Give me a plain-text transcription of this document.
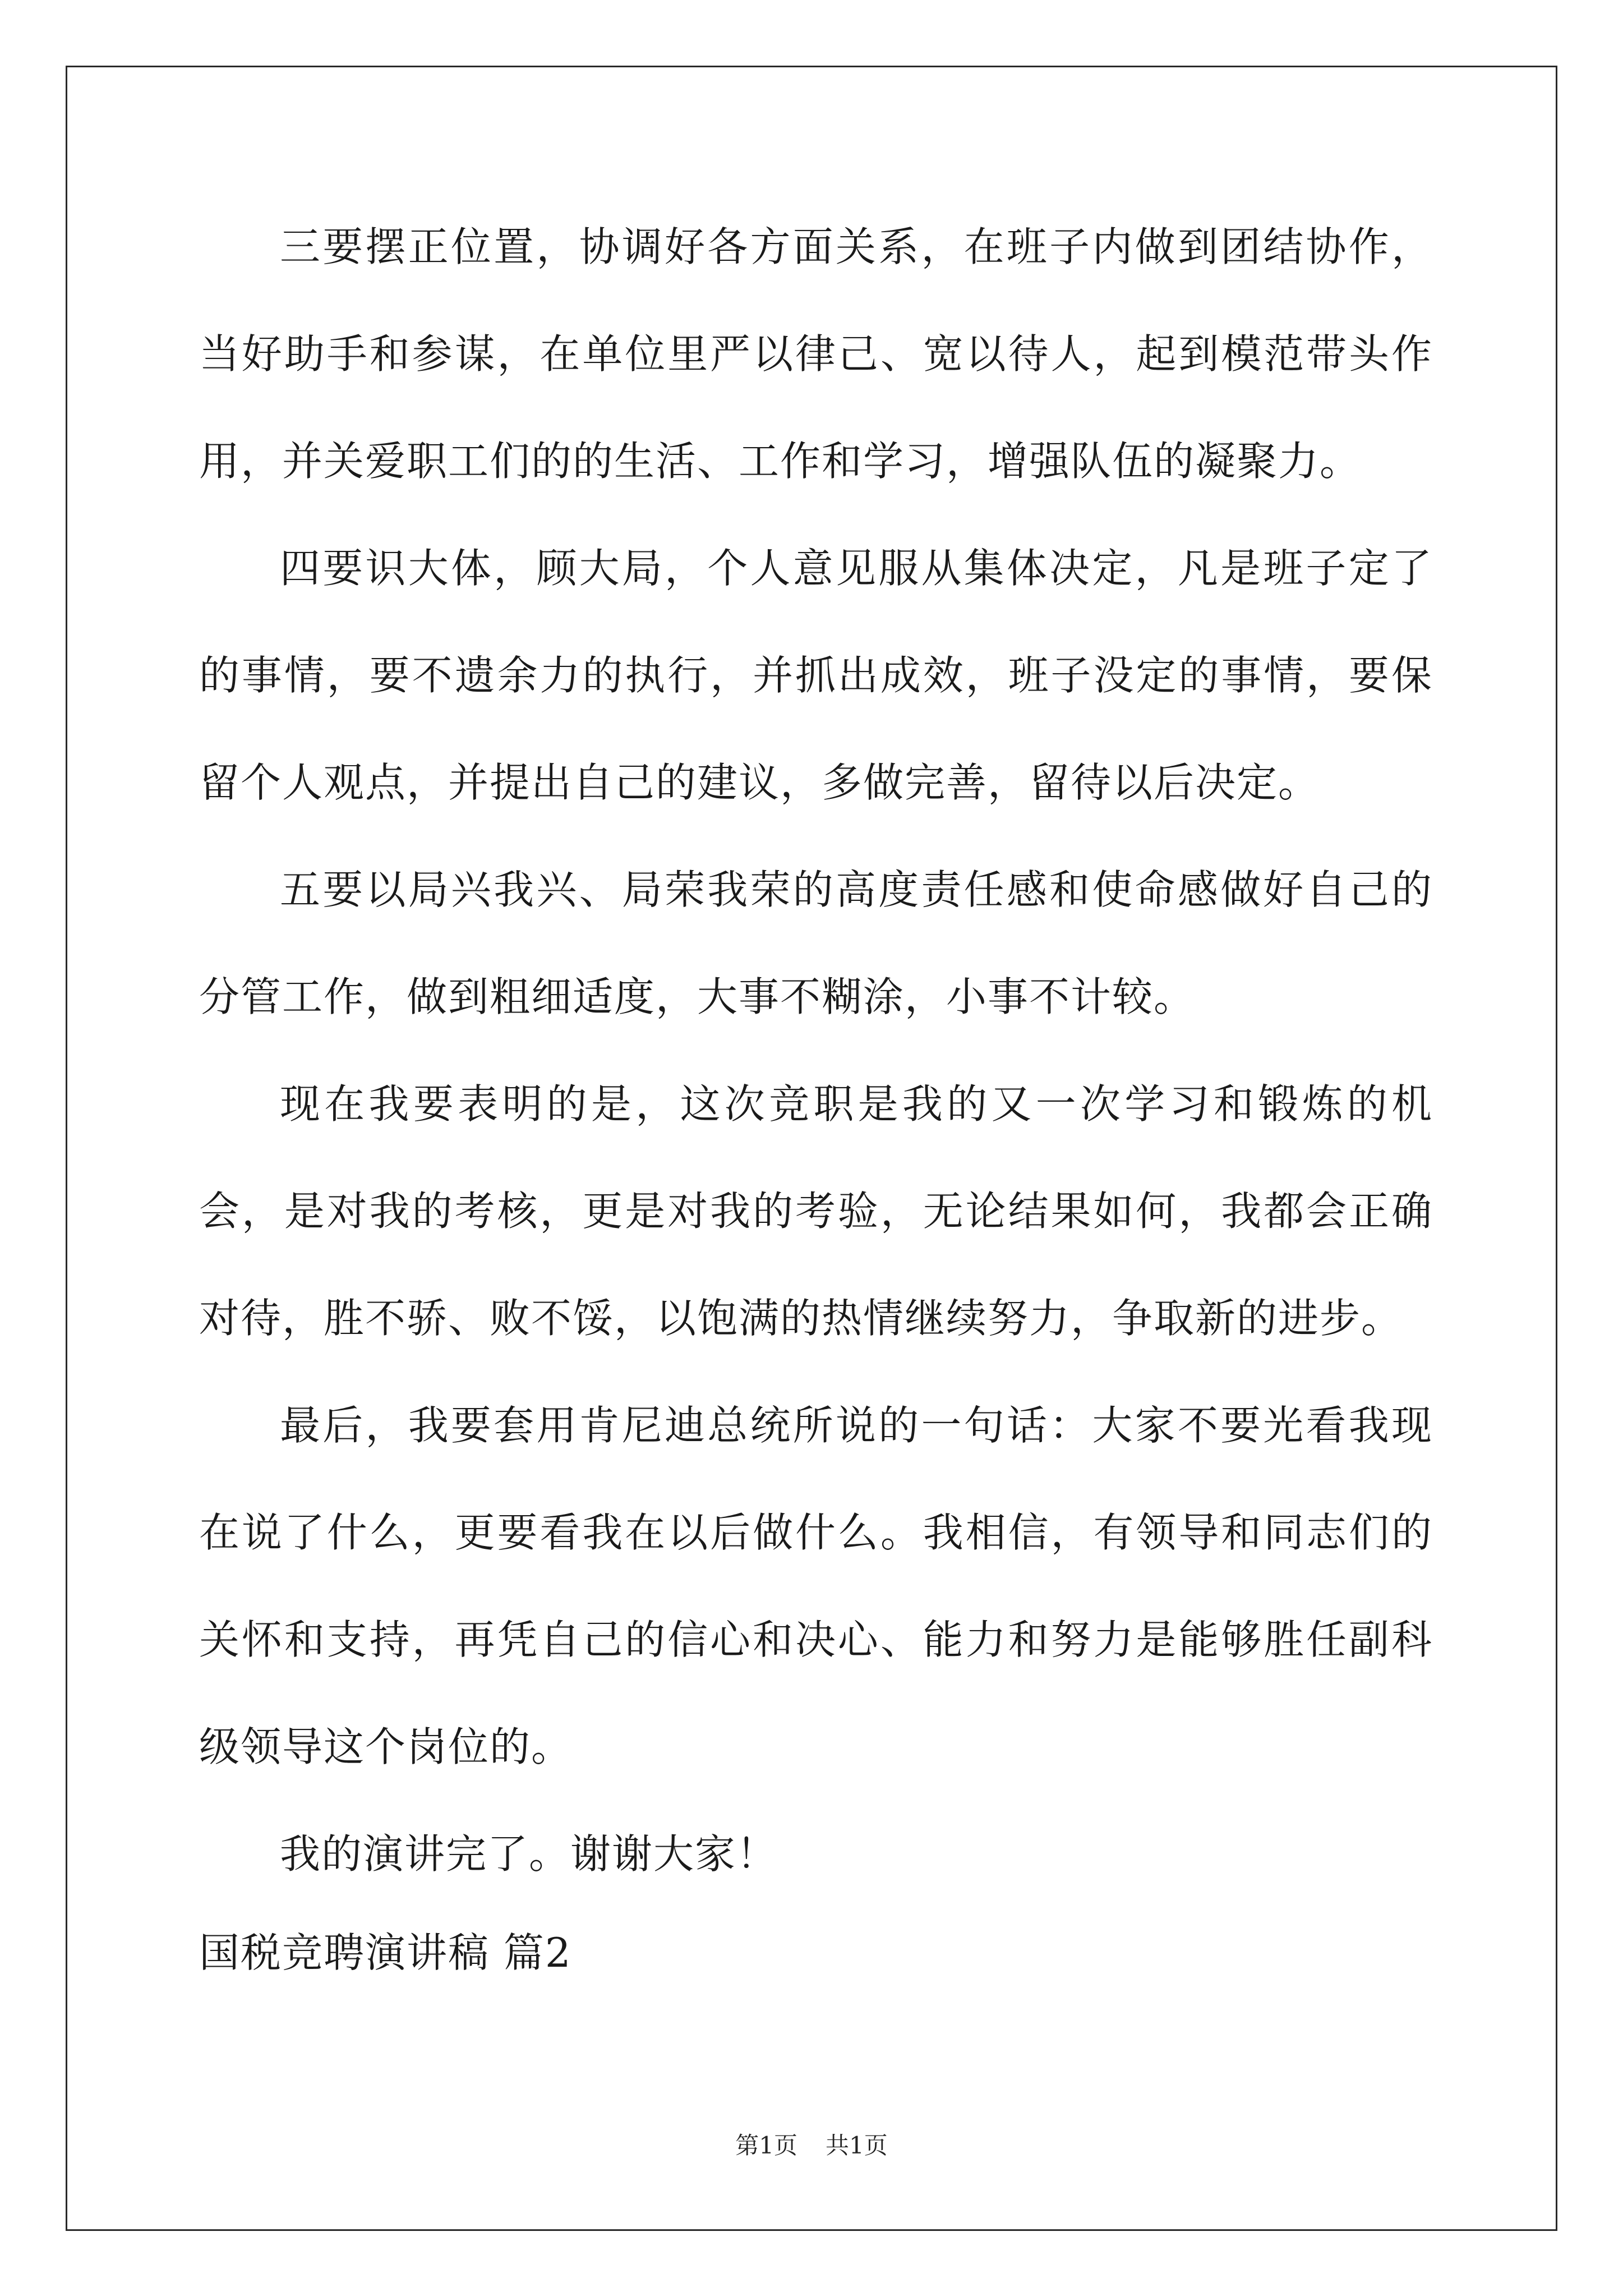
三要摆正位置，协调好各方面关系，在班子内做到团结协作，当好助手和参谋，在单位里严以律己、宽以待人，起到模范带头作用，并关爱职工们的的生活、工作和学习，增强队伍的凝聚力。

四要识大体，顾大局，个人意见服从集体决定，凡是班子定了的事情，要不遗余力的执行，并抓出成效，班子没定的事情，要保留个人观点，并提出自己的建议，多做完善，留待以后决定。

五要以局兴我兴、局荣我荣的高度责任感和使命感做好自己的分管工作，做到粗细适度，大事不糊涂，小事不计较。

现在我要表明的是，这次竞职是我的又一次学习和锻炼的机会，是对我的考核，更是对我的考验，无论结果如何，我都会正确对待，胜不骄、败不馁，以饱满的热情继续努力，争取新的进步。

最后，我要套用肯尼迪总统所说的一句话：大家不要光看我现在说了什么，更要看我在以后做什么。我相信，有领导和同志们的关怀和支持，再凭自己的信心和决心、能力和努力是能够胜任副科级领导这个岗位的。

我的演讲完了。谢谢大家！

国税竞聘演讲稿 篇2
第1页 共1页
